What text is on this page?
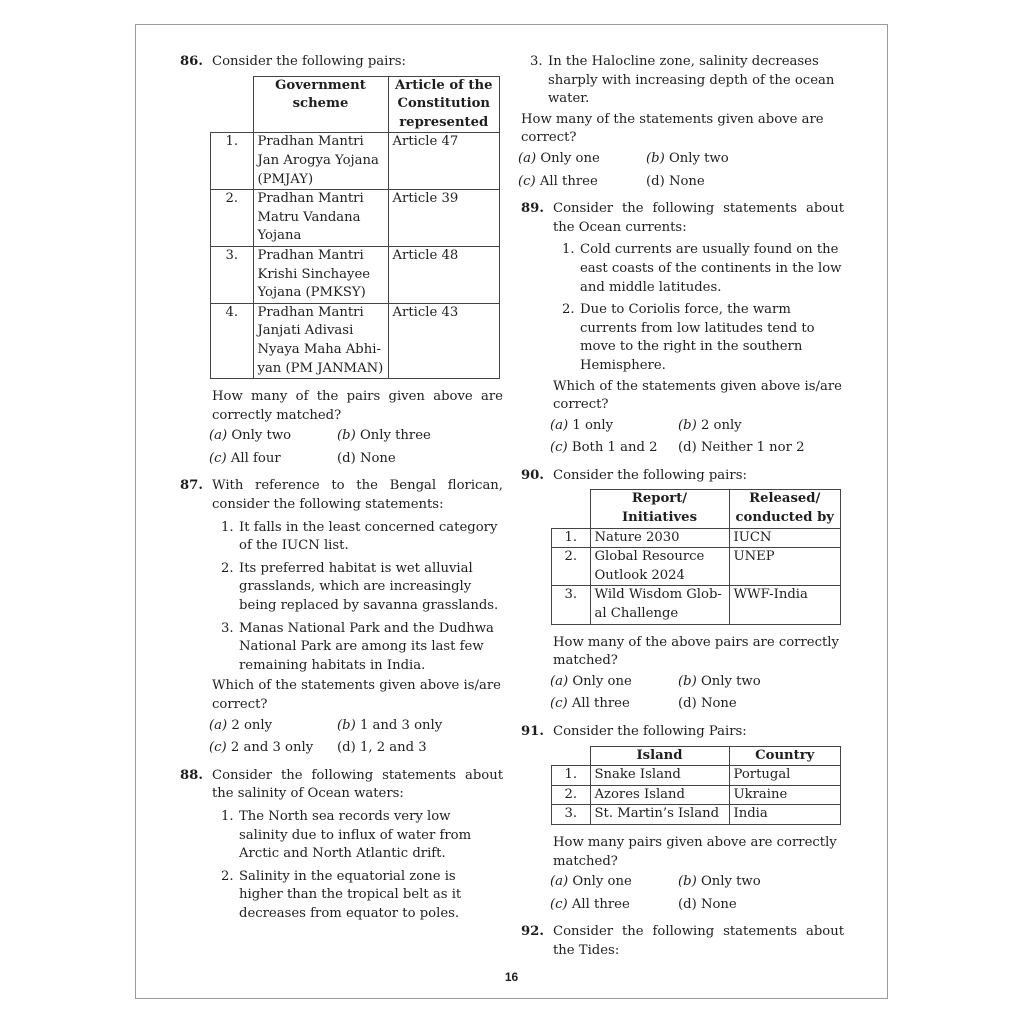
86. Consider the following pairs:

	Government scheme	Article of the Constitution represented
1.	Pradhan Mantri Jan Arogya Yojana (PMJAY)	Article 47
2.	Pradhan Mantri Matru Vandana Yojana	Article 39
3.	Pradhan Mantri Krishi Sinchayee Yojana (PMKSY)	Article 48
4.	Pradhan Mantri Janjati Adivasi Nyaya Maha Abhi-yan (PM JANMAN)	Article 43

How many of the pairs given above are correctly matched?

(a) Only two	(b) Only three
(c) All four	(d) None
87. With reference to the Bengal florican, consider the following statements:

1. It falls in the least concerned category of the IUCN list.
2. Its preferred habitat is wet alluvial grasslands, which are increasingly being replaced by savanna grasslands.
3. Manas National Park and the Dudhwa National Park are among its last few remaining habitats in India.

Which of the statements given above is/are correct?

(a) 2 only	(b) 1 and 3 only
(c) 2 and 3 only	(d) 1, 2 and 3
88. Consider the following statements about the salinity of Ocean waters:

1. The North sea records very low salinity due to influx of water from Arctic and North Atlantic drift.
2. Salinity in the equatorial zone is higher than the tropical belt as it decreases from equator to poles.
3. In the Halocline zone, salinity decreases sharply with increasing depth of the ocean water.

How many of the statements given above are correct?

(a) Only one	(b) Only two
(c) All three	(d) None
89. Consider the following statements about the Ocean currents:

1. Cold currents are usually found on the east coasts of the continents in the low and middle latitudes.
2. Due to Coriolis force, the warm currents from low latitudes tend to move to the right in the southern Hemisphere.

Which of the statements given above is/are correct?

(a) 1 only	(b) 2 only
(c) Both 1 and 2	(d) Neither 1 nor 2
90. Consider the following pairs:

	Report/ Initiatives	Released/ conducted by
1.	Nature 2030	IUCN
2.	Global Resource Outlook 2024	UNEP
3.	Wild Wisdom Glob-al Challenge	WWF-India

How many of the above pairs are correctly matched?

(a) Only one	(b) Only two
(c) All three	(d) None
91. Consider the following Pairs:

	Island	Country
1.	Snake Island	Portugal
2.	Azores Island	Ukraine
3.	St. Martin’s Island	India

How many pairs given above are correctly matched?

(a) Only one	(b) Only two
(c) All three	(d) None
92. Consider the following statements about the Tides:

16
